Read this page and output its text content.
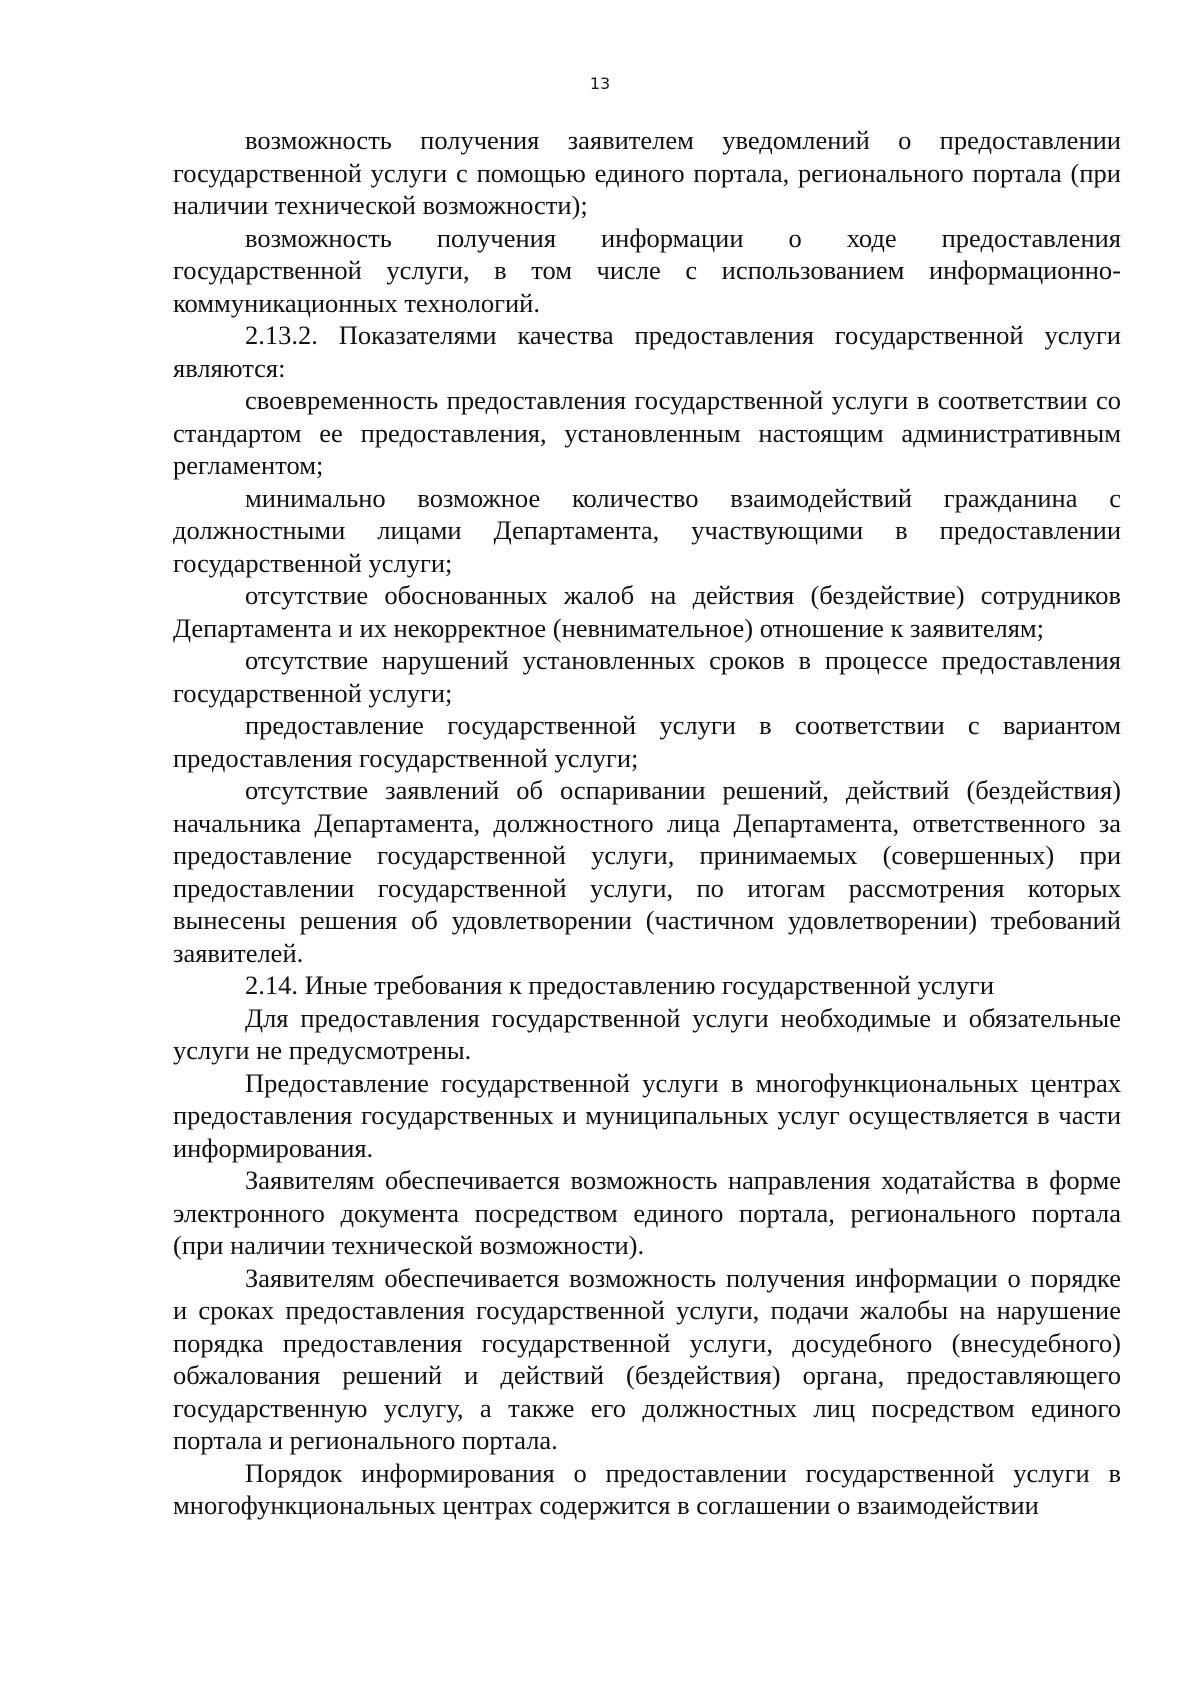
13

возможность получения заявителем уведомлений о предоставлении государственной услуги с помощью единого портала, регионального портала (при наличии технической возможности);

возможность получения информации о ходе предоставления государственной услуги, в том числе с использованием информационно-коммуникационных технологий.

2.13.2. Показателями качества предоставления государственной услуги являются:

своевременность предоставления государственной услуги в соответствии со стандартом ее предоставления, установленным настоящим административным регламентом;

минимально возможное количество взаимодействий гражданина с должностными лицами Департамента, участвующими в предоставлении государственной услуги;

отсутствие обоснованных жалоб на действия (бездействие) сотрудников Департамента и их некорректное (невнимательное) отношение к заявителям;

отсутствие нарушений установленных сроков в процессе предоставления государственной услуги;

предоставление государственной услуги в соответствии с вариантом предоставления государственной услуги;

отсутствие заявлений об оспаривании решений, действий (бездействия) начальника Департамента, должностного лица Департамента, ответственного за предоставление государственной услуги, принимаемых (совершенных) при предоставлении государственной услуги, по итогам рассмотрения которых вынесены решения об удовлетворении (частичном удовлетворении) требований заявителей.

2.14. Иные требования к предоставлению государственной услуги

Для предоставления государственной услуги необходимые и обязательные услуги не предусмотрены.

Предоставление государственной услуги в многофункциональных центрах предоставления государственных и муниципальных услуг осуществляется в части информирования.

Заявителям обеспечивается возможность направления ходатайства в форме электронного документа посредством единого портала, регионального портала (при наличии технической возможности).

Заявителям обеспечивается возможность получения информации о порядке и сроках предоставления государственной услуги, подачи жалобы на нарушение порядка предоставления государственной услуги, досудебного (внесудебного) обжалования решений и действий (бездействия) органа, предоставляющего государственную услугу, а также его должностных лиц посредством единого портала и регионального портала.

Порядок информирования о предоставлении государственной услуги в многофункциональных центрах содержится в соглашении о взаимодействии
